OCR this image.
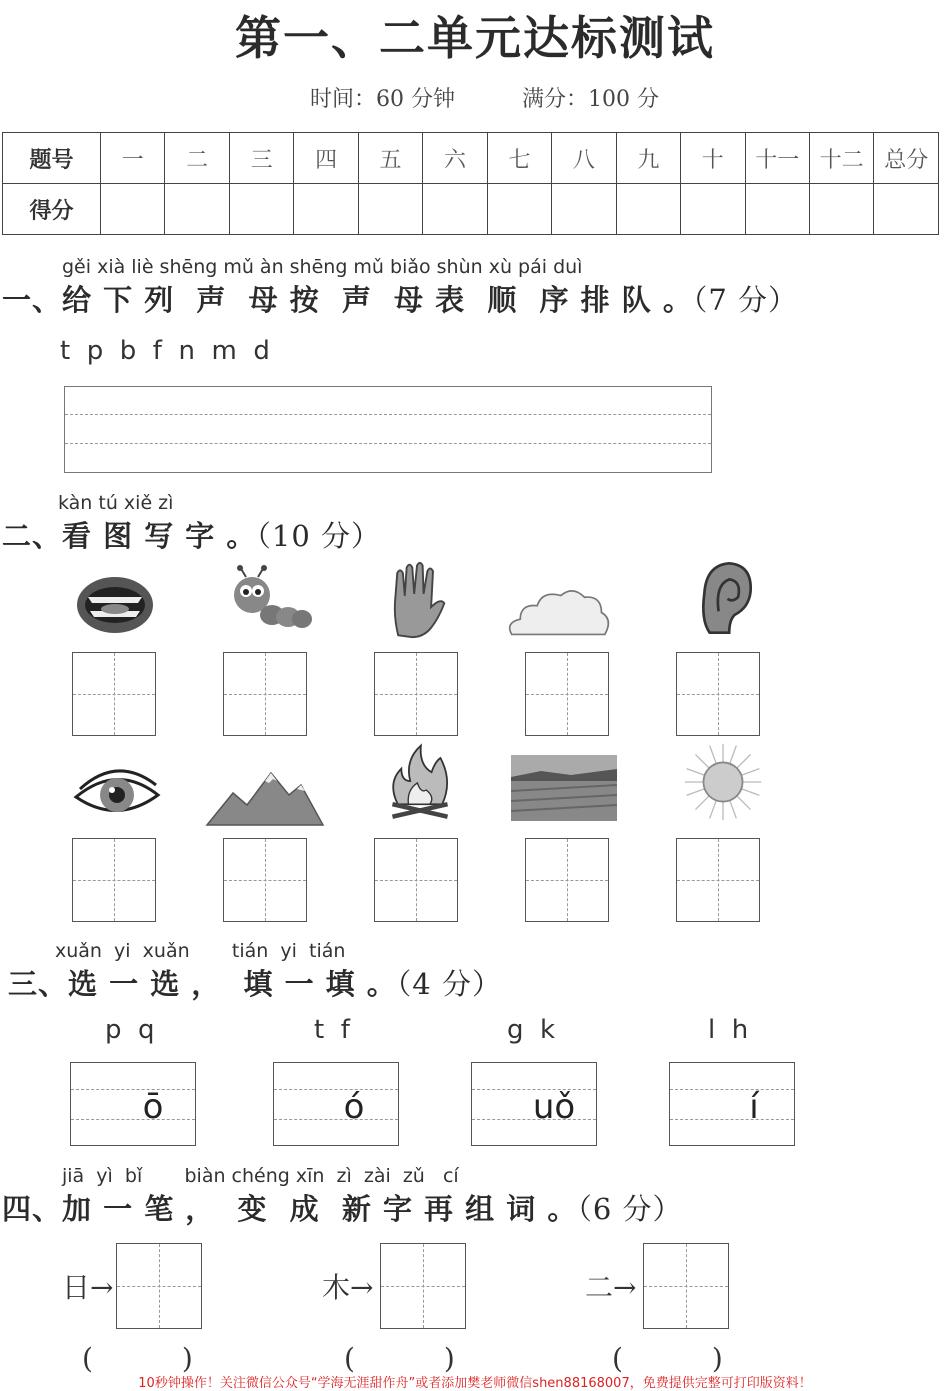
第一、二单元达标测试
时间：60 分钟	满分：100 分
题号	一	二	三	四	五	六	七	八	九	十	十一	十二	总分
得分													
gěi xià liè shēng mǔ àn shēng mǔ biǎo shùn xù pái duì
一、给 下 列  声  母 按  声  母 表  顺  序 排 队 。（7 分）
t  p  b  f  n  m  d
kàn tú xiě zì
二、看 图 写 字 。（10 分）
xuǎn  yi  xuǎn       tián  yi  tián
三、选 一 选 ，  填 一 填 。（4 分）
p  q	t  f	g  k	l  h
ō	ó	uǒ	í
jiā  yì  bǐ       biàn chéng xīn  zì  zài  zǔ   cí
四、加 一 笔 ，  变  成  新 字 再 组 词 。（6 分）
日→	木→	二→
(          )	(          )	(          )
10秒钟操作！关注微信公众号“学海无涯甜作舟”或者添加樊老师微信shen88168007，免费提供完整可打印版资料！
